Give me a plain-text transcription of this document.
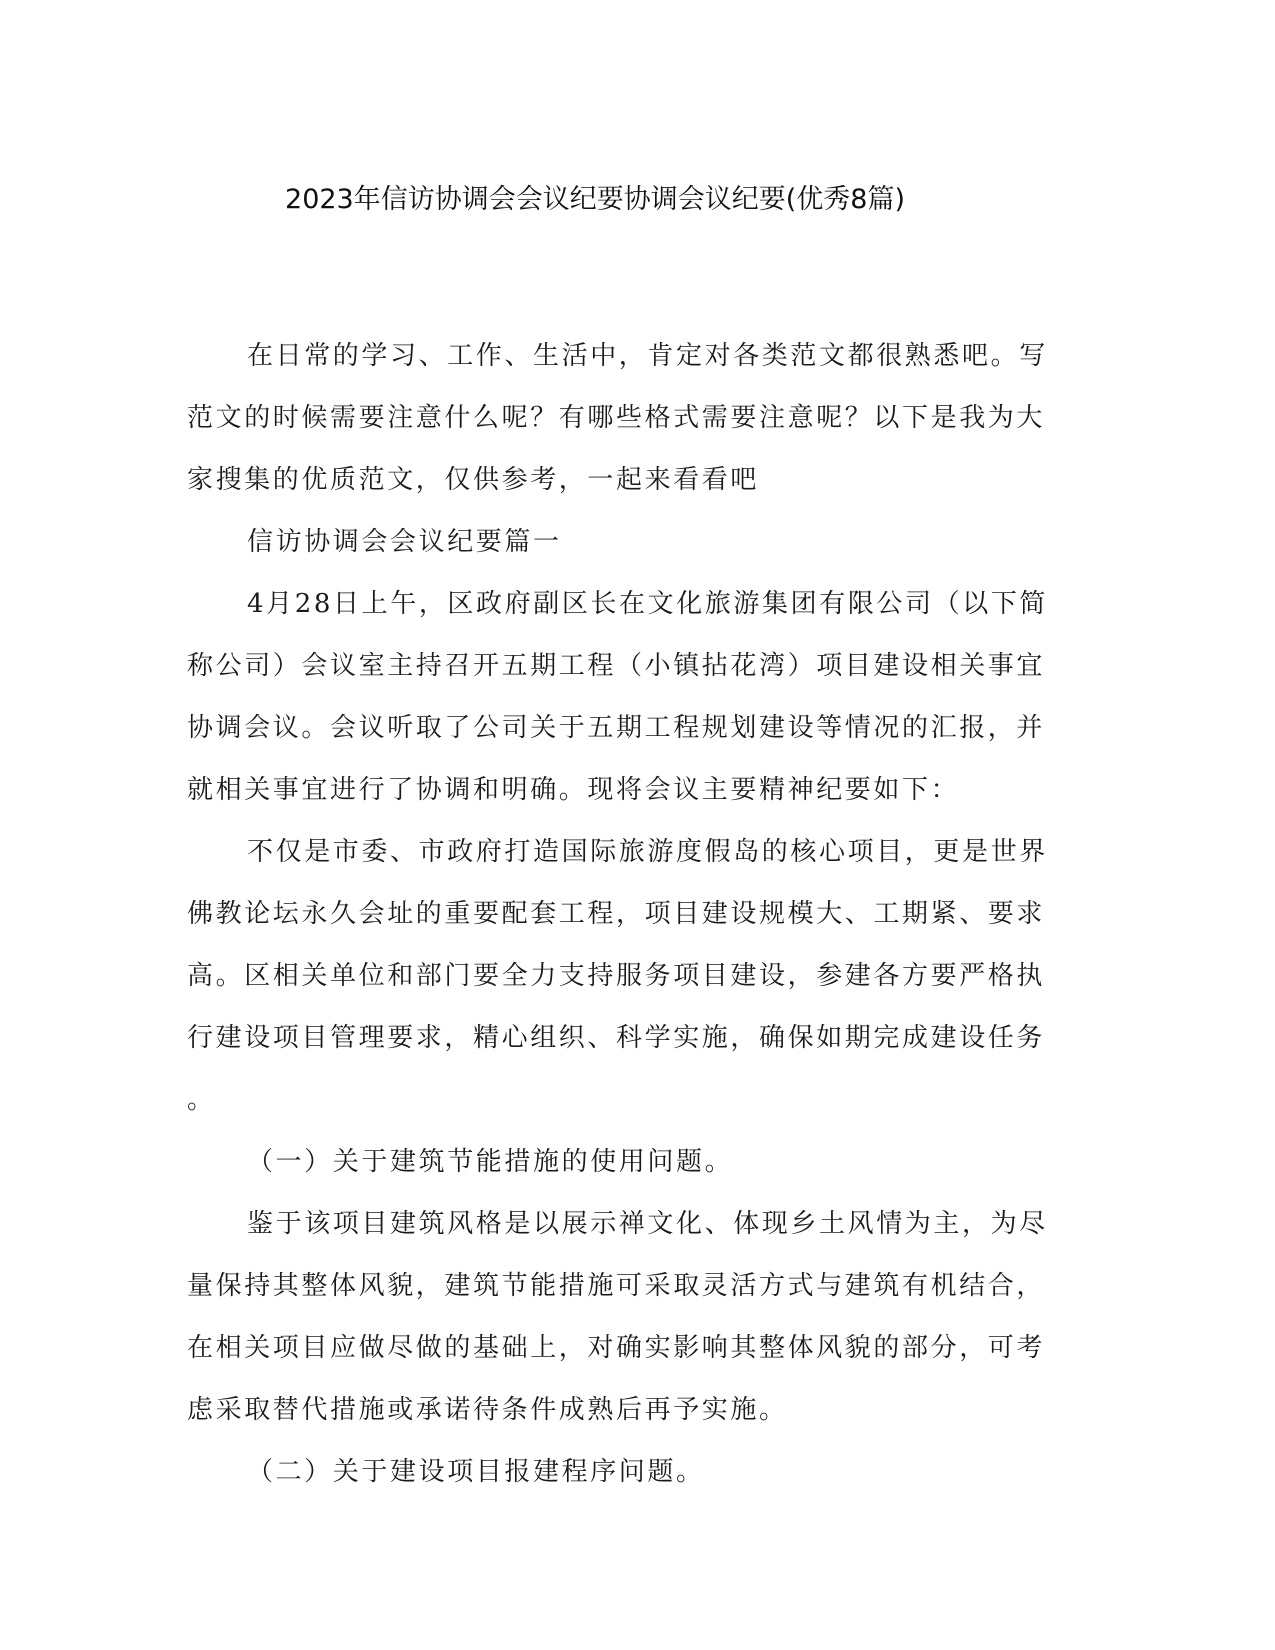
2023年信访协调会会议纪要协调会议纪要(优秀8篇)

在日常的学习、工作、生活中，肯定对各类范文都很熟悉吧。写范文的时候需要注意什么呢？有哪些格式需要注意呢？以下是我为大家搜集的优质范文，仅供参考，一起来看看吧

信访协调会会议纪要篇一

4月28日上午，区政府副区长在文化旅游集团有限公司（以下简称公司）会议室主持召开五期工程（小镇拈花湾）项目建设相关事宜协调会议。会议听取了公司关于五期工程规划建设等情况的汇报，并就相关事宜进行了协调和明确。现将会议主要精神纪要如下：

不仅是市委、市政府打造国际旅游度假岛的核心项目，更是世界佛教论坛永久会址的重要配套工程，项目建设规模大、工期紧、要求高。区相关单位和部门要全力支持服务项目建设，参建各方要严格执行建设项目管理要求，精心组织、科学实施，确保如期完成建设任务

。

（一）关于建筑节能措施的使用问题。

鉴于该项目建筑风格是以展示禅文化、体现乡土风情为主，为尽量保持其整体风貌，建筑节能措施可采取灵活方式与建筑有机结合，在相关项目应做尽做的基础上，对确实影响其整体风貌的部分，可考虑采取替代措施或承诺待条件成熟后再予实施。

（二）关于建设项目报建程序问题。
